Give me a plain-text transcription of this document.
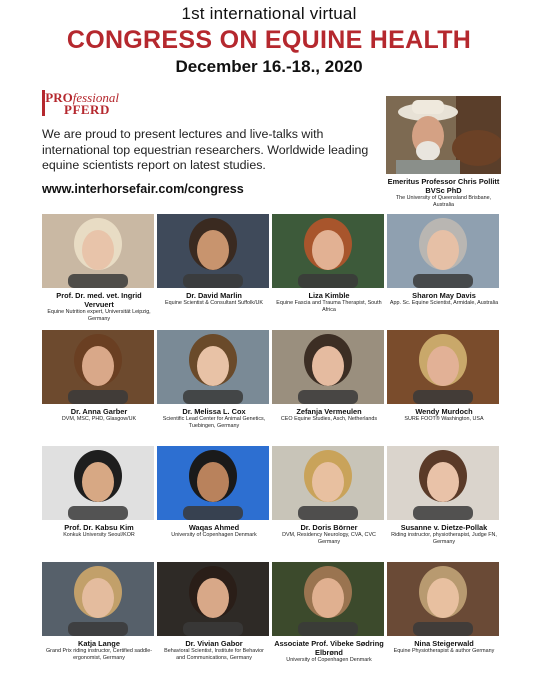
1st international virtual
CONGRESS ON EQUINE HEALTH
December 16.-18., 2020
PROfessional
PFERD
We are proud to present lectures and live-talks with international top equestrian researchers. Worldwide leading equine scientists report on latest studies.
www.interhorsefair.com/congress
Emeritus Professor Chris Pollitt BVSc PhD
The University of Queensland Brisbane, Australia
Prof. Dr. med. vet. Ingrid Vervuert
Equine Nutrition expert, Universität Leipzig, Germany
Dr. David Marlin
Equine Scientist & Consultant Suffolk/UK
Liza Kimble
Equine Fascia and Trauma Therapist, South Africa
Sharon May Davis
App. Sc. Equine Scientist, Armidale, Australia
Dr. Anna Garber
DVM, MSC, PHD, Glasgow/UK
Dr. Melissa L. Cox
Scientific Lead Center for Animal Genetics, Tuebingen, Germany
Zefanja Vermeulen
CEO Equine Studies, Asch, Netherlands
Wendy Murdoch
SURE FOOT® Washington, USA
Prof. Dr. Kabsu Kim
Konkuk University Seoul/KOR
Waqas Ahmed
University of Copenhagen Denmark
Dr. Doris Börner
DVM, Residency Neurology, CVA, CVC Germany
Susanne v. Dietze-Pollak
Riding instructor, physiotherapist, Judge FN, Germany
Katja Lange
Grand Prix riding instructor, Certified saddle-ergonomist, Germany
Dr. Vivian Gabor
Behavioral Scientist, Institute for Behavior and Communications, Germany
Associate Prof. Vibeke Sødring Elbrønd
University of Copenhagen Denmark
Nina Steigerwald
Equine Physiotherapist & author Germany
